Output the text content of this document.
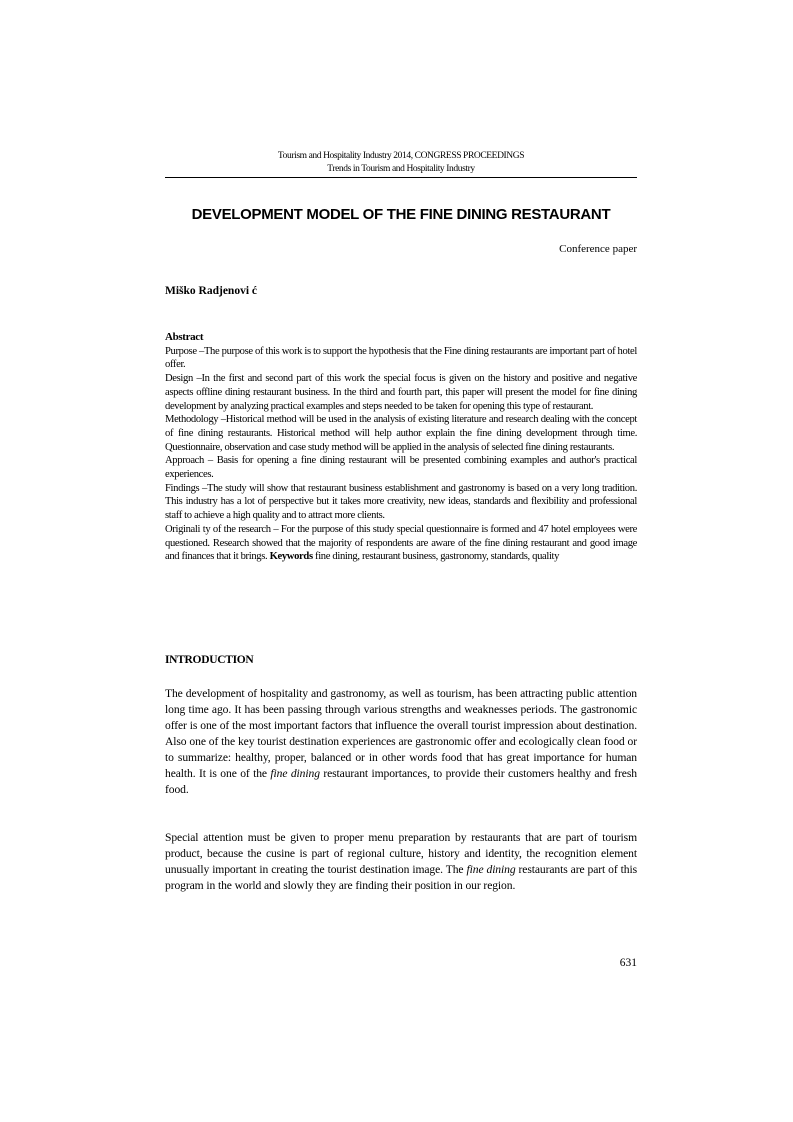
Tourism and Hospitality Industry 2014, CONGRESS PROCEEDINGS
Trends in Tourism and Hospitality Industry
DEVELOPMENT MODEL OF THE FINE DINING RESTAURANT
Conference paper
Miško Radjenovi ć

Abstract

Purpose –The purpose of this work is to support the hypothesis that the Fine dining restaurants are important part of hotel offer.

Design –In the first and second part of this work the special focus is given on the history and positive and negative aspects offline dining restaurant business. In the third and fourth part, this paper will present the model for fine dining development by analyzing practical examples and steps needed to be taken for opening this type of restaurant.

Methodology –Historical method will be used in the analysis of existing literature and research dealing with the concept of fine dining restaurants. Historical method will help author explain the fine dining development through time. Questionnaire, observation and case study method will be applied in the analysis of selected fine dining restaurants.

Approach – Basis for opening a fine dining restaurant will be presented combining examples and author's practical experiences.

Findings –The study will show that restaurant business establishment and gastronomy is based on a very long tradition. This industry has a lot of perspective but it takes more creativity, new ideas, standards and flexibility and professional staff to achieve a high quality and to attract more clients.

Originali ty of the research – For the purpose of this study special questionnaire is formed and 47 hotel employees were questioned. Research showed that the majority of respondents are aware of the fine dining restaurant and good image and finances that it brings. Keywords fine dining, restaurant business, gastronomy, standards, quality

INTRODUCTION

The development of hospitality and gastronomy, as well as tourism, has been attracting public attention long time ago. It has been passing through various strengths and weaknesses periods. The gastronomic offer is one of the most important factors that influence the overall tourist impression about destination. Also one of the key tourist destination experiences are gastronomic offer and ecologically clean food or to summarize: healthy, proper, balanced or in other words food that has great importance for human health. It is one of the fine dining restaurant importances, to provide their customers healthy and fresh food.

Special attention must be given to proper menu preparation by restaurants that are part of tourism product, because the cusine is part of regional culture, history and identity, the recognition element unusually important in creating the tourist destination image. The fine dining restaurants are part of this program in the world and slowly they are finding their position in our region.

631
